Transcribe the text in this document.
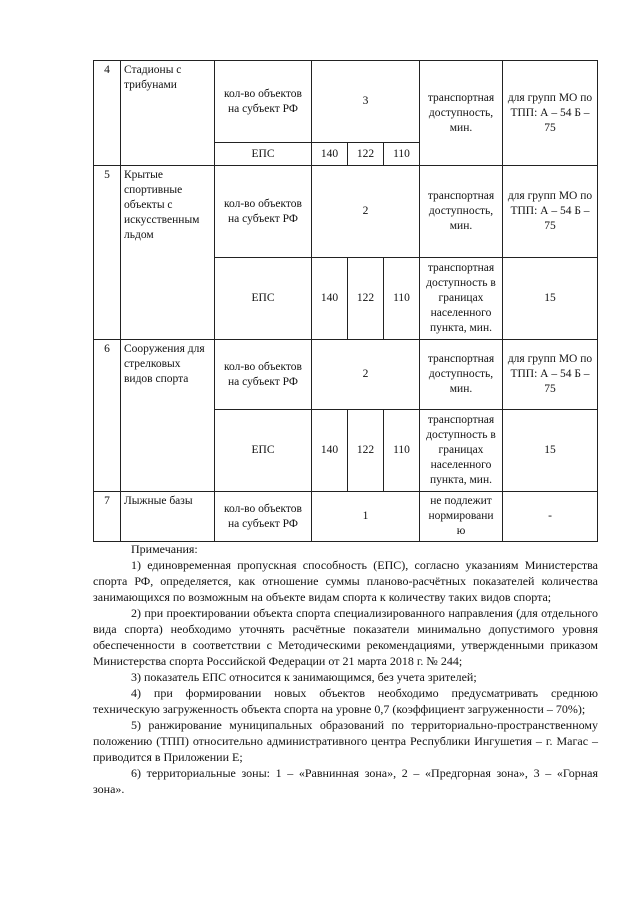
4	Стадионы с трибунами	кол-во объектов на субъект РФ	3			транспортная доступность, мин.	для групп МО по ТПП: А – 54 Б – 75
		ЕПС	140	122	110		
5	Крытые спортивные объекты с искусственным льдом	кол-во объектов на субъект РФ	2			транспортная доступность, мин.	для групп МО по ТПП: А – 54 Б – 75
		ЕПС	140	122	110	транспортная доступность в границах населенного пункта, мин.	15
6	Сооружения для стрелковых видов спорта	кол-во объектов на субъект РФ	2			транспортная доступность, мин.	для групп МО по ТПП: А – 54 Б – 75
		ЕПС	140	122	110	транспортная доступность в границах населенного пункта, мин.	15
7	Лыжные базы	кол-во объектов на субъект РФ	1			не подлежит нормировани ю	-
Примечания:

1) единовременная пропускная способность (ЕПС), согласно указаниям Министерства спорта РФ, определяется, как отношение суммы планово-расчётных показателей количества занимающихся по возможным на объекте видам спорта к количеству таких видов спорта;

2) при проектировании объекта спорта специализированного направления (для отдельного вида спорта) необходимо уточнять расчётные показатели минимально допустимого уровня обеспеченности в соответствии с Методическими рекомендациями, утвержденными приказом Министерства спорта Российской Федерации от 21 марта 2018 г. № 244;

3) показатель ЕПС относится к занимающимся, без учета зрителей;

4) при формировании новых объектов необходимо предусматривать среднюю техническую загруженность объекта спорта на уровне 0,7 (коэффициент загруженности – 70%);

5) ранжирование муниципальных образований по территориально-пространственному положению (ТПП) относительно административного центра Республики Ингушетия – г. Магас – приводится в Приложении Е;

6) территориальные зоны: 1 – «Равнинная зона», 2 – «Предгорная зона», 3 – «Горная зона».
